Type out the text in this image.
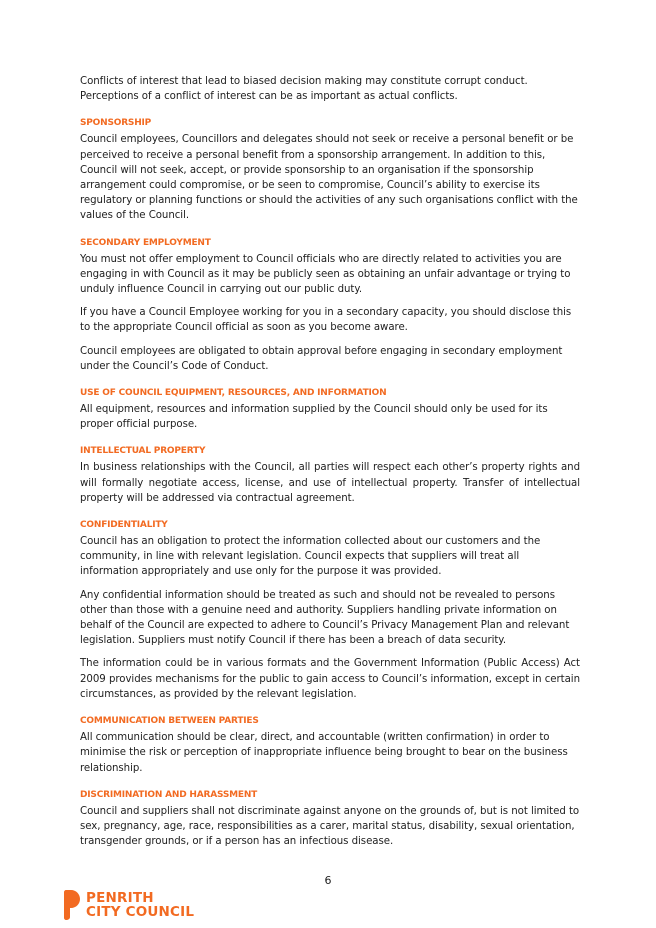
Conflicts of interest that lead to biased decision making may constitute corrupt conduct. Perceptions of a conflict of interest can be as important as actual conflicts.

SPONSORSHIP

Council employees, Councillors and delegates should not seek or receive a personal benefit or be perceived to receive a personal benefit from a sponsorship arrangement. In addition to this, Council will not seek, accept, or provide sponsorship to an organisation if the sponsorship arrangement could compromise, or be seen to compromise, Council’s ability to exercise its regulatory or planning functions or should the activities of any such organisations conflict with the values of the Council.

SECONDARY EMPLOYMENT

You must not offer employment to Council officials who are directly related to activities you are engaging in with Council as it may be publicly seen as obtaining an unfair advantage or trying to unduly influence Council in carrying out our public duty.

If you have a Council Employee working for you in a secondary capacity, you should disclose this to the appropriate Council official as soon as you become aware.

Council employees are obligated to obtain approval before engaging in secondary employment under the Council’s Code of Conduct.

USE OF COUNCIL EQUIPMENT, RESOURCES, AND INFORMATION

All equipment, resources and information supplied by the Council should only be used for its proper official purpose.

INTELLECTUAL PROPERTY

In business relationships with the Council, all parties will respect each other’s property rights and will formally negotiate access, license, and use of intellectual property. Transfer of intellectual property will be addressed via contractual agreement.

CONFIDENTIALITY

Council has an obligation to protect the information collected about our customers and the community, in line with relevant legislation. Council expects that suppliers will treat all information appropriately and use only for the purpose it was provided.

Any confidential information should be treated as such and should not be revealed to persons other than those with a genuine need and authority. Suppliers handling private information on behalf of the Council are expected to adhere to Council’s Privacy Management Plan and relevant legislation. Suppliers must notify Council if there has been a breach of data security.

The information could be in various formats and the Government Information (Public Access) Act 2009 provides mechanisms for the public to gain access to Council’s information, except in certain circumstances, as provided by the relevant legislation.

COMMUNICATION BETWEEN PARTIES

All communication should be clear, direct, and accountable (written confirmation) in order to minimise the risk or perception of inappropriate influence being brought to bear on the business relationship.

DISCRIMINATION AND HARASSMENT

Council and suppliers shall not discriminate against anyone on the grounds of, but is not limited to sex, pregnancy, age, race, responsibilities as a carer, marital status, disability, sexual orientation, transgender grounds, or if a person has an infectious disease.

6
PENRITH
CITY COUNCIL
